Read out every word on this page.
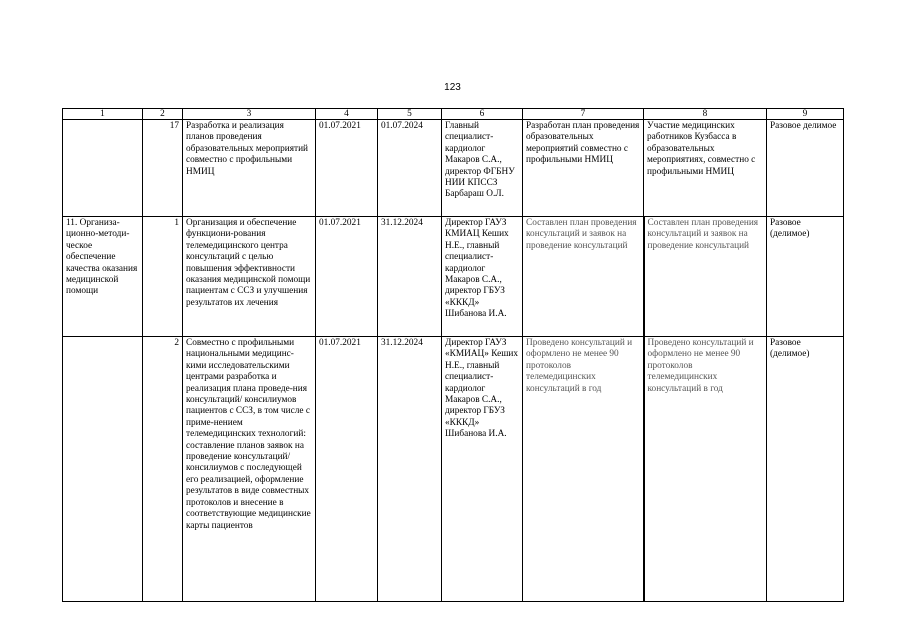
123
1	2	3	4	5	6	7	8	9
	17	Разработка и реализация планов проведения образовательных мероприятий совместно с профильными НМИЦ	01.07.2021	01.07.2024	Главный специалист-кардиолог Макаров С.А., директор ФГБНУ НИИ КПССЗ Барбараш О.Л.	Разработан план проведения образовательных мероприятий совместно с профильными НМИЦ	Участие медицинских работников Кузбасса в образовательных мероприятиях, совместно с профильными НМИЦ	Разовое делимое
11. Организа-ционно-методи-ческое обеспечение качества оказания медицинской помощи	1	Организация и обеспечение функциони-рования телемедицинского центра консультаций с целью повышения эффективности оказания медицинской помощи пациентам с ССЗ и улучшения результатов их лечения	01.07.2021	31.12.2024	Директор ГАУЗ КМИАЦ Кеших Н.Е., главный специалист-кардиолог Макаров С.А., директор ГБУЗ «КККД» Шибанова И.А.	Составлен план проведения консультаций и заявок на проведение консультаций	Составлен план проведения консультаций и заявок на проведение консультаций	Разовое (делимое)
	2	Совместно с профильными национальными медицинс-кими исследовательскими центрами разработка и реализация плана проведе-ния консультаций/ консилиумов пациентов с ССЗ, в том числе с приме-нением телемедицинских технологий: составление планов заявок на проведение консультаций/ консилиумов с последующей его реализацией, оформление результатов в виде совместных протоколов и внесение в соответствующие медицинские карты пациентов	01.07.2021	31.12.2024	Директор ГАУЗ «КМИАЦ» Кеших Н.Е., главный специалист-кардиолог Макаров С.А., директор ГБУЗ «КККД» Шибанова И.А.	Проведено консультаций и оформлено не менее 90 протоколов телемедицинских консультаций в год	Проведено консультаций и оформлено не менее 90 протоколов телемедицинских консультаций в год	Разовое (делимое)
